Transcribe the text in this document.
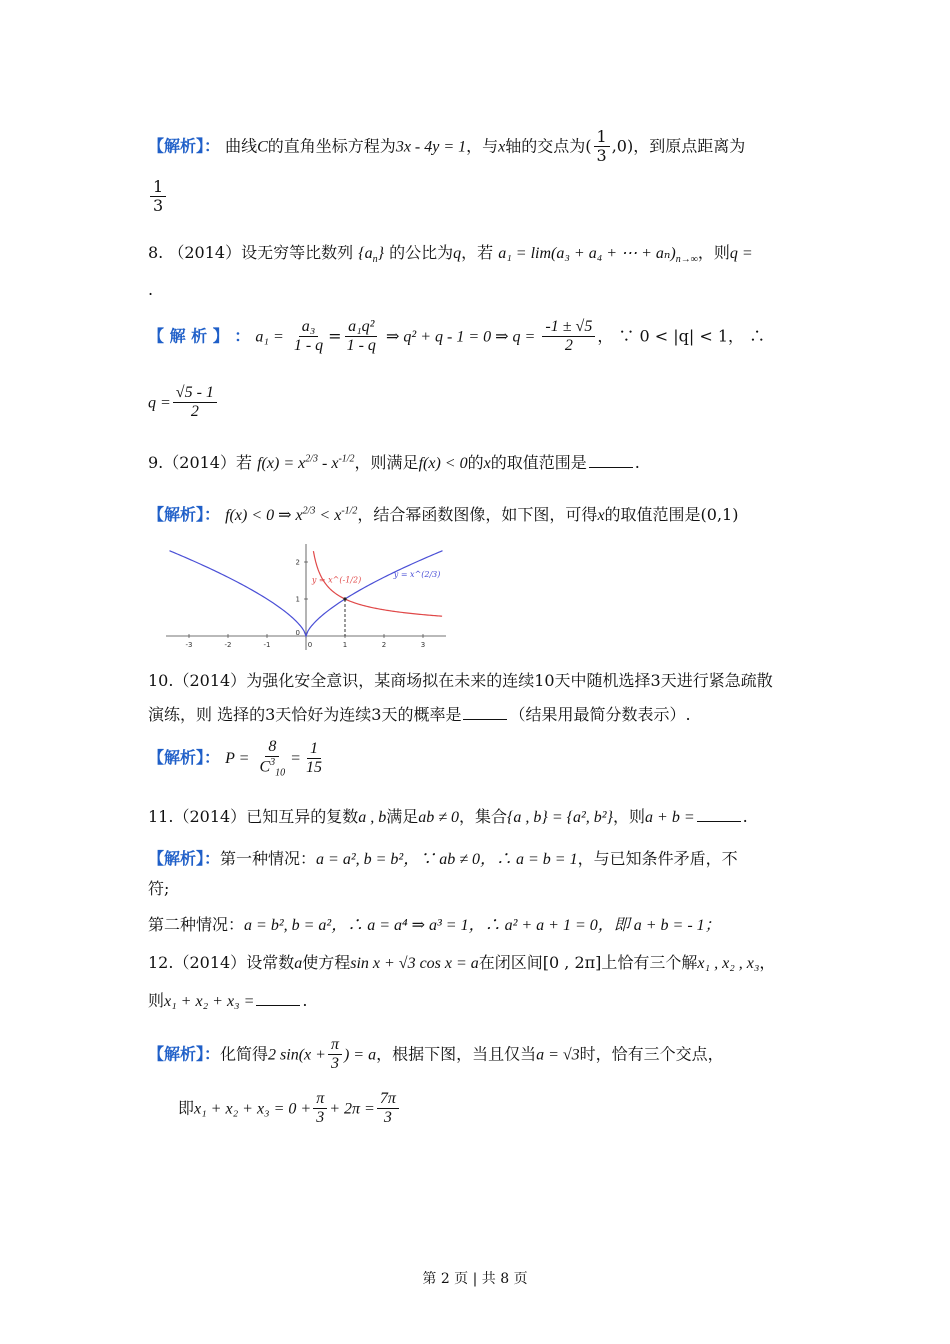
【解析】： 曲线C的直角坐标方程为3x - 4y = 1，与x轴的交点为( $\frac{1}{3} ,0$)，到原点距离为
$\frac{1}{3}$
8. （2014）设无穷等比数列 $\{a_n\}$ 的公比为q，若 a₁ = lim(a₃ + a₄ + ⋯ + $a_n)_{n\to\infty}$，则q =
.
【 解 析 】 ： $a_1 = \frac{\text{a₃}}{1 - q} = \frac{\text{a₁q²}}{1 - q}$ ⇒ q² + q - 1 = 0 ⇒ $q = \frac{-1 \pm √5}{2}$ ， ∵ 0 < |q| < 1， ∴
$q = \frac{√5 - 1}{2}$
9.（2014）若 $f(x) = x^{2/3} - x^{-1/2}$，则满足f(x) < 0的x的取值范围是	.
【解析】： f(x) < 0 ⇒ $x^{2/3} < x^{-1/2}$，结合幂函数图像，如下图，可得x的取值范围是(0,1)
-3	-2	-1	0	1	2	3
1
2
0
y = x^(2/3)
y = x^(-1/2)
10.（2014）为强化安全意识，某商场拟在未来的连续10天中随机选择3天进行紧急疏散
演练，则 选择的3天恰好为连续3天的概率是	（结果用最简分数表示）.
【解析】： $P = \frac{8}{C^3_{10}} = \frac{1}{15}$
11.（2014）已知互异的复数a , b满足ab ≠ 0，集合{a , b} = {a², b²}，则a + b =	.
【解析】：第一种情况：a = a², b = b²，∵ ab ≠ 0，∴ a = b = 1，与已知条件矛盾，不
符;
第二种情况：a = b², b = a²，∴ a = a⁴ ⇒ a³ = 1，∴ a² + a + 1 = 0，即 a + b = - 1；
12.（2014）设常数a使方程sin x + √3 cos x = a在闭区间[0 , 2π]上恰有三个解x₁ , x₂ , x₃，
则x₁ + x₂ + x₃ =	.
【解析】：化简得2 $\sin(x + \frac{\pi}{3}$ ) = a，根据下图，当且仅当a = √3时，恰有三个交点，
即$x_1 + x_2 + x_3 = 0 + \frac{\pi}{3} + 2\pi = \frac{7\pi}{3}$
第 2 页 | 共 8 页
